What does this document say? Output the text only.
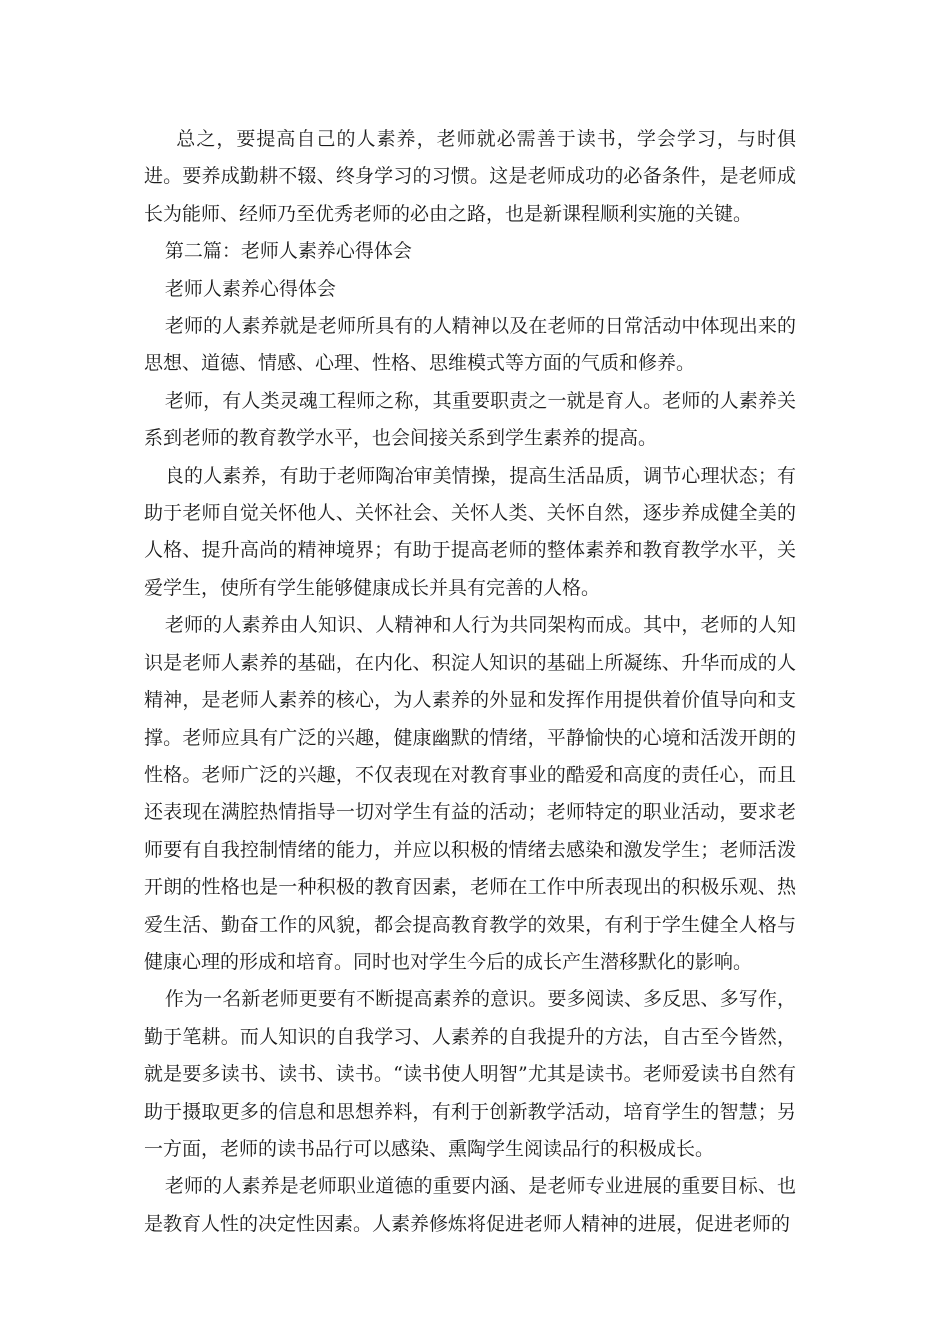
总之，要提高自己的人素养，老师就必需善于读书，学会学习，与时俱进。要养成勤耕不辍、终身学习的习惯。这是老师成功的必备条件，是老师成长为能师、经师乃至优秀老师的必由之路，也是新课程顺利实施的关键。

第二篇：老师人素养心得体会

老师人素养心得体会

老师的人素养就是老师所具有的人精神以及在老师的日常活动中体现出来的思想、道德、情感、心理、性格、思维模式等方面的气质和修养。

老师，有人类灵魂工程师之称，其重要职责之一就是育人。老师的人素养关系到老师的教育教学水平，也会间接关系到学生素养的提高。

良的人素养，有助于老师陶冶审美情操，提高生活品质，调节心理状态；有助于老师自觉关怀他人、关怀社会、关怀人类、关怀自然，逐步养成健全美的人格、提升高尚的精神境界；有助于提高老师的整体素养和教育教学水平，关爱学生，使所有学生能够健康成长并具有完善的人格。

老师的人素养由人知识、人精神和人行为共同架构而成。其中，老师的人知识是老师人素养的基础，在内化、积淀人知识的基础上所凝练、升华而成的人精神，是老师人素养的核心，为人素养的外显和发挥作用提供着价值导向和支撑。老师应具有广泛的兴趣，健康幽默的情绪，平静愉快的心境和活泼开朗的性格。老师广泛的兴趣，不仅表现在对教育事业的酷爱和高度的责任心，而且还表现在满腔热情指导一切对学生有益的活动；老师特定的职业活动，要求老师要有自我控制情绪的能力，并应以积极的情绪去感染和激发学生；老师活泼开朗的性格也是一种积极的教育因素，老师在工作中所表现出的积极乐观、热爱生活、勤奋工作的风貌，都会提高教育教学的效果，有利于学生健全人格与健康心理的形成和培育。同时也对学生今后的成长产生潜移默化的影响。

作为一名新老师更要有不断提高素养的意识。要多阅读、多反思、多写作，勤于笔耕。而人知识的自我学习、人素养的自我提升的方法，自古至今皆然，就是要多读书、读书、读书。“读书使人明智”尤其是读书。老师爱读书自然有助于摄取更多的信息和思想养料，有利于创新教学活动，培育学生的智慧；另一方面，老师的读书品行可以感染、熏陶学生阅读品行的积极成长。

老师的人素养是老师职业道德的重要内涵、是老师专业进展的重要目标、也是教育人性的决定性因素。人素养修炼将促进老师人精神的进展，促进老师的
